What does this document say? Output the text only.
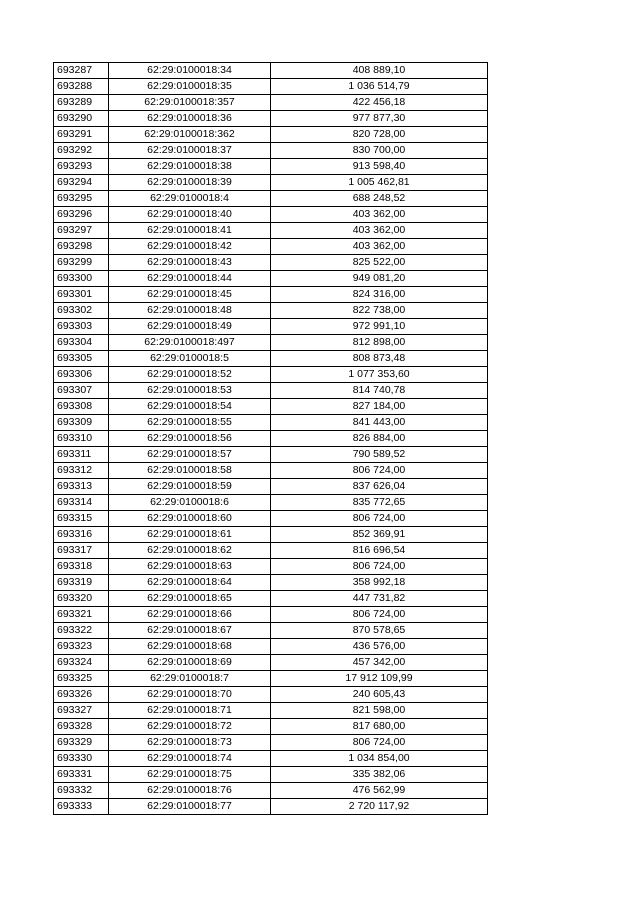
693287	62:29:0100018:34	408 889,10
693288	62:29:0100018:35	1 036 514,79
693289	62:29:0100018:357	422 456,18
693290	62:29:0100018:36	977 877,30
693291	62:29:0100018:362	820 728,00
693292	62:29:0100018:37	830 700,00
693293	62:29:0100018:38	913 598,40
693294	62:29:0100018:39	1 005 462,81
693295	62:29:0100018:4	688 248,52
693296	62:29:0100018:40	403 362,00
693297	62:29:0100018:41	403 362,00
693298	62:29:0100018:42	403 362,00
693299	62:29:0100018:43	825 522,00
693300	62:29:0100018:44	949 081,20
693301	62:29:0100018:45	824 316,00
693302	62:29:0100018:48	822 738,00
693303	62:29:0100018:49	972 991,10
693304	62:29:0100018:497	812 898,00
693305	62:29:0100018:5	808 873,48
693306	62:29:0100018:52	1 077 353,60
693307	62:29:0100018:53	814 740,78
693308	62:29:0100018:54	827 184,00
693309	62:29:0100018:55	841 443,00
693310	62:29:0100018:56	826 884,00
693311	62:29:0100018:57	790 589,52
693312	62:29:0100018:58	806 724,00
693313	62:29:0100018:59	837 626,04
693314	62:29:0100018:6	835 772,65
693315	62:29:0100018:60	806 724,00
693316	62:29:0100018:61	852 369,91
693317	62:29:0100018:62	816 696,54
693318	62:29:0100018:63	806 724,00
693319	62:29:0100018:64	358 992,18
693320	62:29:0100018:65	447 731,82
693321	62:29:0100018:66	806 724,00
693322	62:29:0100018:67	870 578,65
693323	62:29:0100018:68	436 576,00
693324	62:29:0100018:69	457 342,00
693325	62:29:0100018:7	17 912 109,99
693326	62:29:0100018:70	240 605,43
693327	62:29:0100018:71	821 598,00
693328	62:29:0100018:72	817 680,00
693329	62:29:0100018:73	806 724,00
693330	62:29:0100018:74	1 034 854,00
693331	62:29:0100018:75	335 382,06
693332	62:29:0100018:76	476 562,99
693333	62:29:0100018:77	2 720 117,92
